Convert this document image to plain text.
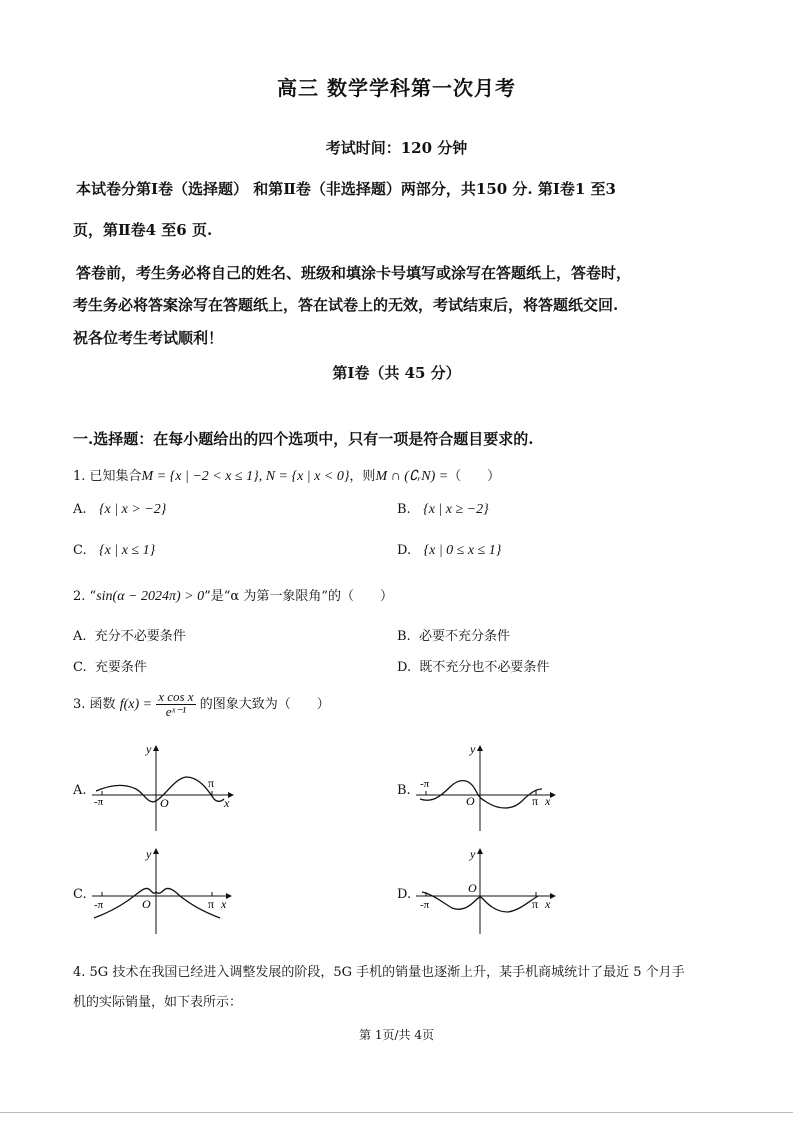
高三 数学学科第一次月考
考试时间：120 分钟
本试卷分第Ⅰ卷（选择题） 和第Ⅱ卷（非选择题）两部分，共150 分. 第Ⅰ卷1 至3
页，第Ⅱ卷4 至6 页.
答卷前，考生务必将自己的姓名、班级和填涂卡号填写或涂写在答题纸上，答卷时，
考生务必将答案涂写在答题纸上，答在试卷上的无效，考试结束后，将答题纸交回.
祝各位考生考试顺利！
第Ⅰ卷（共 45 分）
一.选择题：在每小题给出的四个选项中，只有一项是符合题目要求的.
1. 已知集合M = {x | −2 < x ≤ 1}, N = {x | x < 0}，则M ∩ (∁ᵣN) =（　　）
A. {x | x > −2}	B. {x | x ≥ −2}
C. {x | x ≤ 1}	D. {x | 0 ≤ x ≤ 1}
2. “sin(α − 2024π) > 0”是“α 为第一象限角”的（　　）
A. 充分不必要条件	B. 必要不充分条件
C. 充要条件	D. 既不充分也不必要条件
3. 函数 $f(x) = \frac{\text{x cos x}}{\text{eˣ⁻¹}}$ 的图象大致为（　　）
A.	B.
C.	D.
y
x
O
π
-π
y
x
O	π
-π
y
x
O	π
-π
y
x
O
π
-π
4. 5G 技术在我国已经进入调整发展的阶段，5G 手机的销量也逐渐上升，某手机商城统计了最近 5 个月手
机的实际销量，如下表所示：
第 1页/共 4页
